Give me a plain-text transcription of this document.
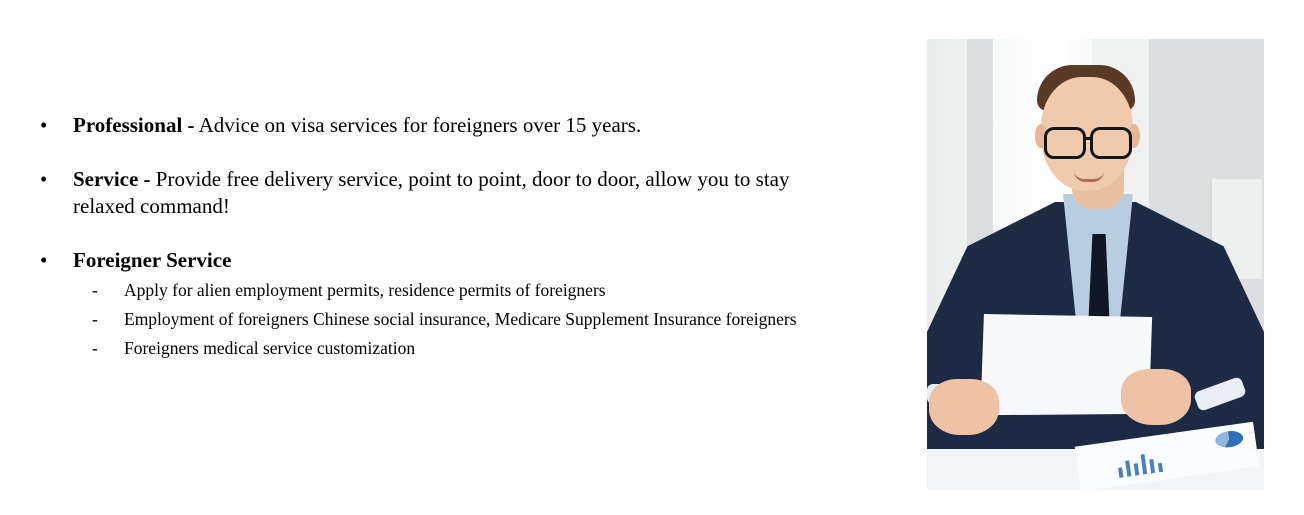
•	Professional - Advice on visa services for foreigners over 15 years.
•	Service - Provide free delivery service, point to point, door to door, allow you to stay relaxed command!
•	Foreigner Service
- Apply for alien employment permits, residence permits of foreigners
- Employment of foreigners Chinese social insurance, Medicare Supplement Insurance foreigners
- Foreigners medical service customization
